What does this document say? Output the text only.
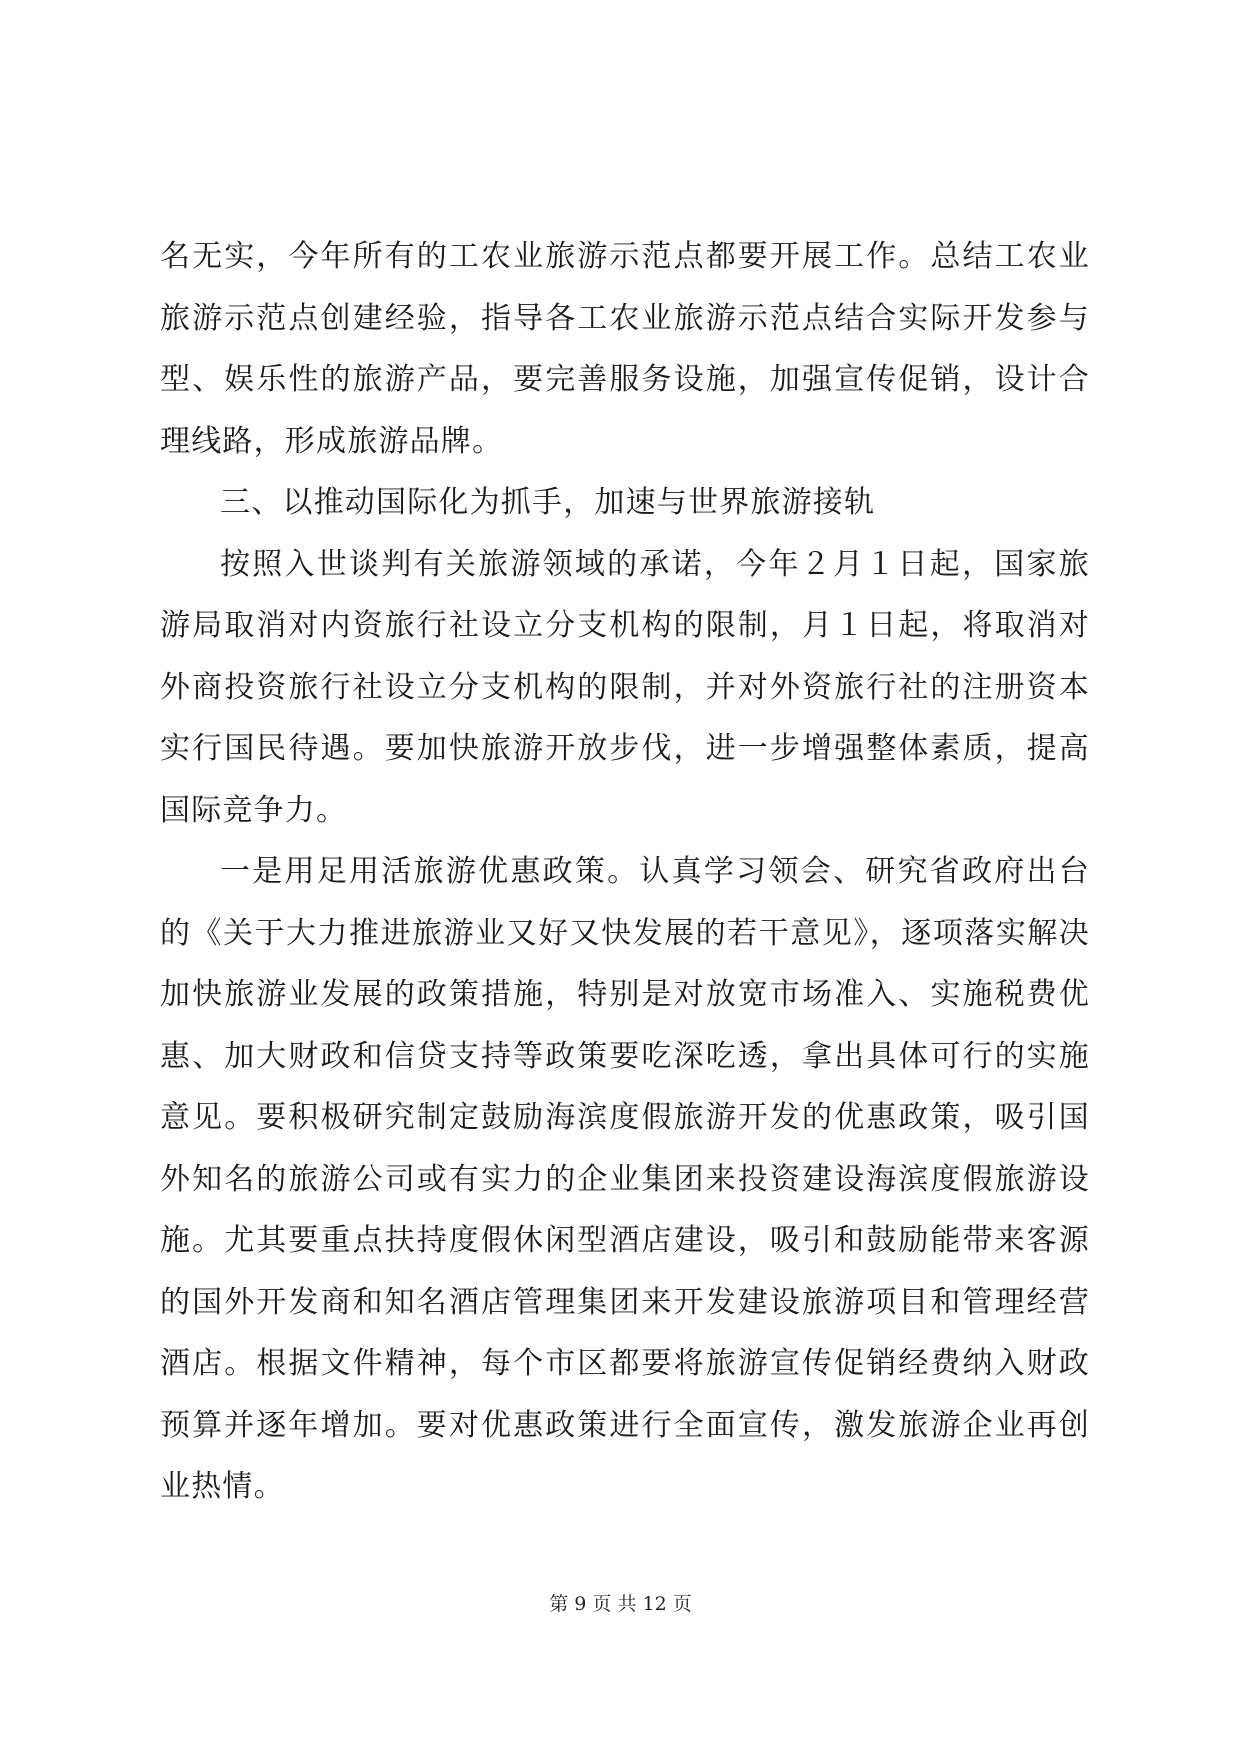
名无实，今年所有的工农业旅游示范点都要开展工作。总结工农业旅游示范点创建经验，指导各工农业旅游示范点结合实际开发参与型、娱乐性的旅游产品，要完善服务设施，加强宣传促销，设计合理线路，形成旅游品牌。

三、以推动国际化为抓手，加速与世界旅游接轨

按照入世谈判有关旅游领域的承诺，今年２月１日起，国家旅游局取消对内资旅行社设立分支机构的限制，月１日起，将取消对外商投资旅行社设立分支机构的限制，并对外资旅行社的注册资本实行国民待遇。要加快旅游开放步伐，进一步增强整体素质，提高国际竞争力。

一是用足用活旅游优惠政策。认真学习领会、研究省政府出台的《关于大力推进旅游业又好又快发展的若干意见》，逐项落实解决加快旅游业发展的政策措施，特别是对放宽市场准入、实施税费优惠、加大财政和信贷支持等政策要吃深吃透，拿出具体可行的实施意见。要积极研究制定鼓励海滨度假旅游开发的优惠政策，吸引国外知名的旅游公司或有实力的企业集团来投资建设海滨度假旅游设施。尤其要重点扶持度假休闲型酒店建设，吸引和鼓励能带来客源的国外开发商和知名酒店管理集团来开发建设旅游项目和管理经营酒店。根据文件精神，每个市区都要将旅游宣传促销经费纳入财政预算并逐年增加。要对优惠政策进行全面宣传，激发旅游企业再创业热情。

第 9 页 共 12 页
